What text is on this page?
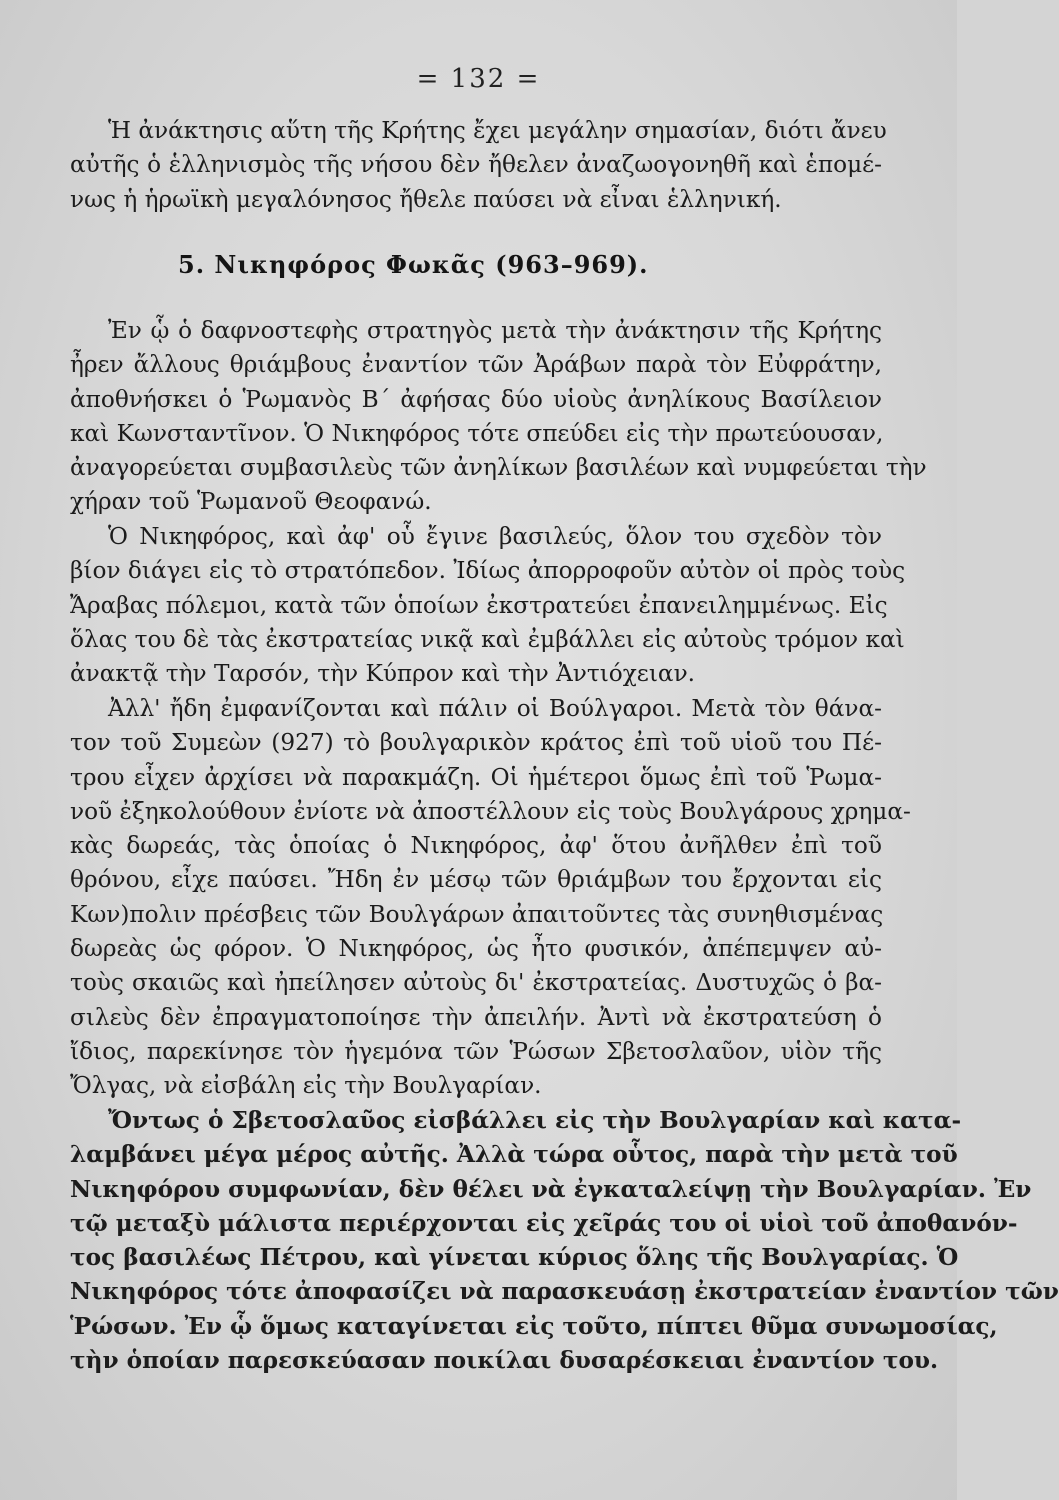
= 132 =
Ἡ ἀνάκτησις αὕτη τῆς Κρήτης ἔχει μεγάλην σημασίαν, διότι ἄνευ
αὐτῆς ὁ ἑλληνισμὸς τῆς νήσου δὲν ἤθελεν ἀναζωογονηθῆ καὶ ἑπομέ-
νως ἡ ἡρωϊκὴ μεγαλόνησος ἤθελε παύσει νὰ εἶναι ἑλληνική.
5. Νικηφόρος Φωκᾶς (963–969).
Ἐν ᾧ ὁ δαφνοστεφὴς στρατηγὸς μετὰ τὴν ἀνάκτησιν τῆς Κρήτης
ἦρεν ἄλλους θριάμβους ἐναντίον τῶν Ἀράβων παρὰ τὸν Εὐφράτην,
ἀποθνήσκει ὁ Ῥωμανὸς Β΄ ἀφήσας δύο υἱοὺς ἀνηλίκους Βασίλειον
καὶ Κωνσταντῖνον. Ὁ Νικηφόρος τότε σπεύδει εἰς τὴν πρωτεύουσαν,
ἀναγορεύεται συμβασιλεὺς τῶν ἀνηλίκων βασιλέων καὶ νυμφεύεται τὴν
χήραν τοῦ Ῥωμανοῦ Θεοφανώ.
Ὁ Νικηφόρος, καὶ ἀφ' οὗ ἔγινε βασιλεύς, ὅλον του σχεδὸν τὸν
βίον διάγει εἰς τὸ στρατόπεδον. Ἰδίως ἀπορροφοῦν αὐτὸν οἱ πρὸς τοὺς
Ἄραβας πόλεμοι, κατὰ τῶν ὁποίων ἐκστρατεύει ἐπανειλημμένως. Εἰς
ὅλας του δὲ τὰς ἐκστρατείας νικᾷ καὶ ἐμβάλλει εἰς αὐτοὺς τρόμον καὶ
ἀνακτᾷ τὴν Ταρσόν, τὴν Κύπρον καὶ τὴν Ἀντιόχειαν.
Ἀλλ' ἤδη ἐμφανίζονται καὶ πάλιν οἱ Βούλγαροι. Μετὰ τὸν θάνα-
τον τοῦ Συμεὼν (927) τὸ βουλγαρικὸν κράτος ἐπὶ τοῦ υἱοῦ του Πέ-
τρου εἶχεν ἀρχίσει νὰ παρακμάζη. Οἱ ἡμέτεροι ὅμως ἐπὶ τοῦ Ῥωμα-
νοῦ ἐξηκολούθουν ἐνίοτε νὰ ἀποστέλλουν εἰς τοὺς Βουλγάρους χρημα-
κὰς δωρεάς, τὰς ὁποίας ὁ Νικηφόρος, ἀφ' ὅτου ἀνῆλθεν ἐπὶ τοῦ
θρόνου, εἶχε παύσει. Ἤδη ἐν μέσῳ τῶν θριάμβων του ἔρχονται εἰς
Κων)πολιν πρέσβεις τῶν Βουλγάρων ἀπαιτοῦντες τὰς συνηθισμένας
δωρεὰς ὡς φόρον. Ὁ Νικηφόρος, ὡς ἦτο φυσικόν, ἀπέπεμψεν αὐ-
τοὺς σκαιῶς καὶ ἠπείλησεν αὐτοὺς δι' ἐκστρατείας. Δυστυχῶς ὁ βα-
σιλεὺς δὲν ἐπραγματοποίησε τὴν ἀπειλήν. Ἀντὶ νὰ ἐκστρατεύση ὁ
ἴδιος, παρεκίνησε τὸν ἡγεμόνα τῶν Ῥώσων Σβετοσλαῦον, υἱὸν τῆς
Ὄλγας, νὰ εἰσβάλη εἰς τὴν Βουλγαρίαν.
Ὄντως ὁ Σβετοσλαῦος εἰσβάλλει εἰς τὴν Βουλγαρίαν καὶ κατα-
λαμβάνει μέγα μέρος αὐτῆς. Ἀλλὰ τώρα οὗτος, παρὰ τὴν μετὰ τοῦ
Νικηφόρου συμφωνίαν, δὲν θέλει νὰ ἐγκαταλείψῃ τὴν Βουλγαρίαν. Ἐν
τῷ μεταξὺ μάλιστα περιέρχονται εἰς χεῖράς του οἱ υἱοὶ τοῦ ἀποθανόν-
τος βασιλέως Πέτρου, καὶ γίνεται κύριος ὅλης τῆς Βουλγαρίας. Ὁ
Νικηφόρος τότε ἀποφασίζει νὰ παρασκευάσῃ ἐκστρατείαν ἐναντίον τῶν
Ῥώσων. Ἐν ᾧ ὅμως καταγίνεται εἰς τοῦτο, πίπτει θῦμα συνωμοσίας,
τὴν ὁποίαν παρεσκεύασαν ποικίλαι δυσαρέσκειαι ἐναντίον του.
